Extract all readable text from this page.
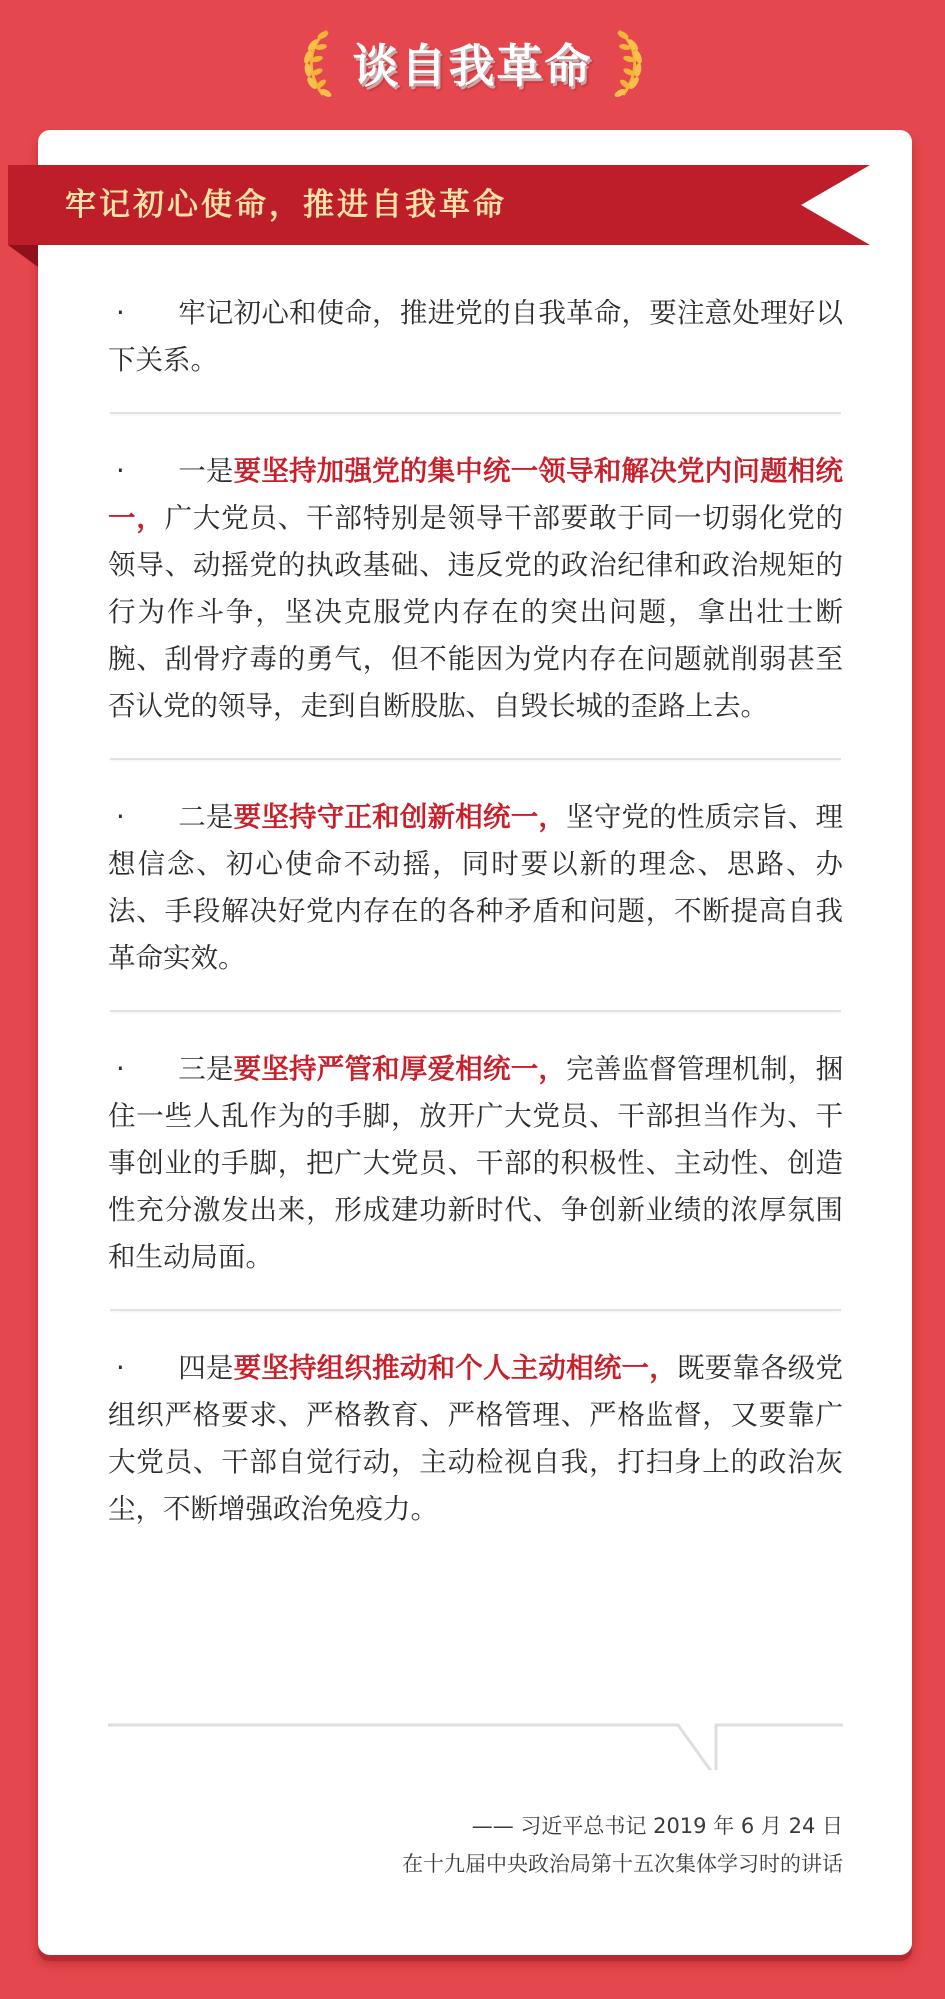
谈自我革命
牢记初心使命，推进自我革命

· 牢记初心和使命，推进党的自我革命，要注意处理好以下关系。

· 一是要坚持加强党的集中统一领导和解决党内问题相统一，广大党员、干部特别是领导干部要敢于同一切弱化党的领导、动摇党的执政基础、违反党的政治纪律和政治规矩的行为作斗争，坚决克服党内存在的突出问题，拿出壮士断腕、刮骨疗毒的勇气，但不能因为党内存在问题就削弱甚至否认党的领导，走到自断股肱、自毁长城的歪路上去。

· 二是要坚持守正和创新相统一，坚守党的性质宗旨、理想信念、初心使命不动摇，同时要以新的理念、思路、办法、手段解决好党内存在的各种矛盾和问题，不断提高自我革命实效。

· 三是要坚持严管和厚爱相统一，完善监督管理机制，捆住一些人乱作为的手脚，放开广大党员、干部担当作为、干事创业的手脚，把广大党员、干部的积极性、主动性、创造性充分激发出来，形成建功新时代、争创新业绩的浓厚氛围和生动局面。

· 四是要坚持组织推动和个人主动相统一，既要靠各级党组织严格要求、严格教育、严格管理、严格监督，又要靠广大党员、干部自觉行动，主动检视自我，打扫身上的政治灰尘，不断增强政治免疫力。

—— 习近平总书记 2019 年 6 月 24 日
在十九届中央政治局第十五次集体学习时的讲话
